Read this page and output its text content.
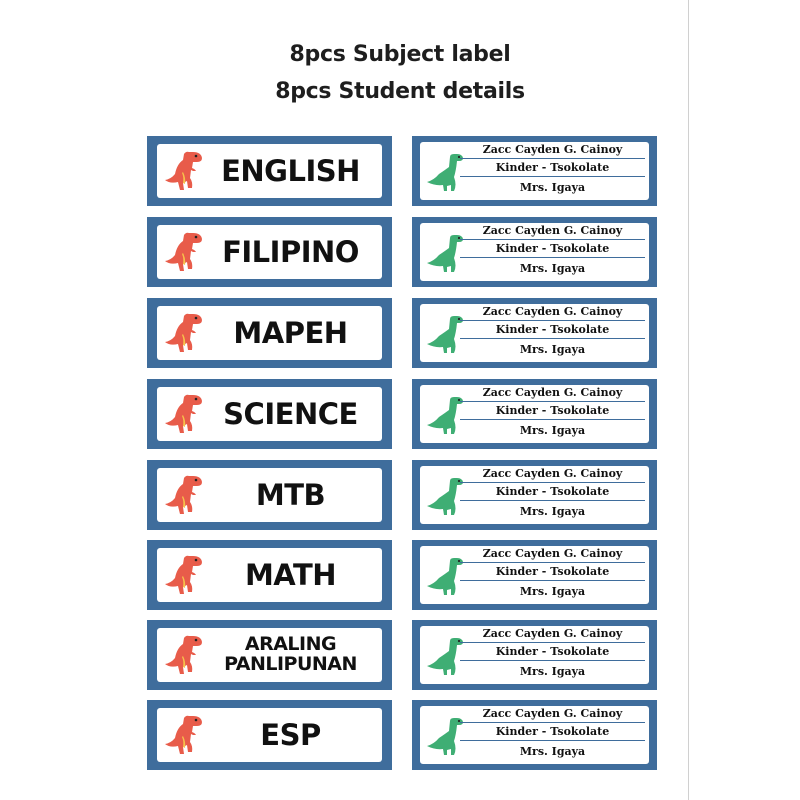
8pcs Subject label
8pcs Student details
ENGLISH
FILIPINO
MAPEH
SCIENCE
MTB
MATH
ARALING PANLIPUNAN
ESP
Zacc Cayden G. Cainoy
Kinder - Tsokolate
Mrs. Igaya
Zacc Cayden G. Cainoy
Kinder - Tsokolate
Mrs. Igaya
Zacc Cayden G. Cainoy
Kinder - Tsokolate
Mrs. Igaya
Zacc Cayden G. Cainoy
Kinder - Tsokolate
Mrs. Igaya
Zacc Cayden G. Cainoy
Kinder - Tsokolate
Mrs. Igaya
Zacc Cayden G. Cainoy
Kinder - Tsokolate
Mrs. Igaya
Zacc Cayden G. Cainoy
Kinder - Tsokolate
Mrs. Igaya
Zacc Cayden G. Cainoy
Kinder - Tsokolate
Mrs. Igaya
